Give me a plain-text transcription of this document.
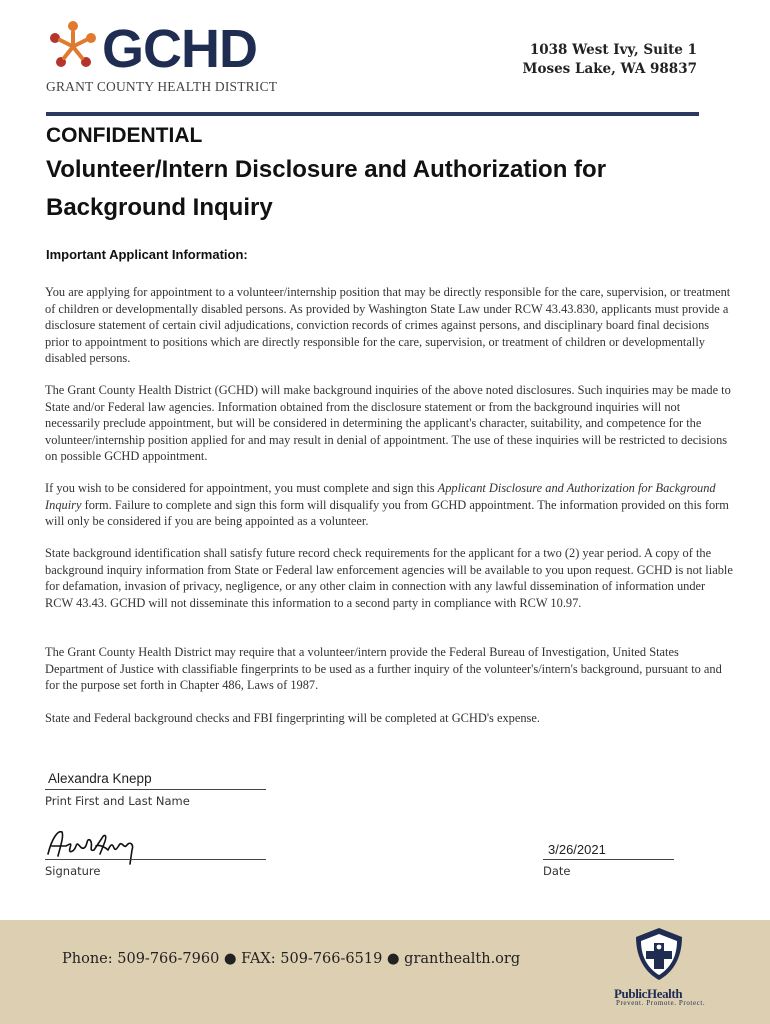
GCHD
GRANT COUNTY HEALTH DISTRICT
1038 West Ivy, Suite 1
Moses Lake, WA 98837
CONFIDENTIAL
Volunteer/Intern Disclosure and Authorization for
Background Inquiry
Important Applicant Information:
You are applying for appointment to a volunteer/internship position that may be directly responsible for the care, supervision, or treatment of children or developmentally disabled persons. As provided by Washington State Law under RCW 43.43.830, applicants must provide a disclosure statement of certain civil adjudications, conviction records of crimes against persons, and disciplinary board final decisions prior to appointment to positions which are directly responsible for the care, supervision, or treatment of children or developmentally disabled persons.
The Grant County Health District (GCHD) will make background inquiries of the above noted disclosures. Such inquiries may be made to State and/or Federal law agencies. Information obtained from the disclosure statement or from the background inquiries will not necessarily preclude appointment, but will be considered in determining the applicant's character, suitability, and competence for the volunteer/internship position applied for and may result in denial of appointment. The use of these inquiries will be restricted to decisions on possible GCHD appointment.
If you wish to be considered for appointment, you must complete and sign this Applicant Disclosure and Authorization for Background Inquiry form. Failure to complete and sign this form will disqualify you from GCHD appointment. The information provided on this form will only be considered if you are being appointed as a volunteer.
State background identification shall satisfy future record check requirements for the applicant for a two (2) year period. A copy of the background inquiry information from State or Federal law enforcement agencies will be available to you upon request. GCHD is not liable for defamation, invasion of privacy, negligence, or any other claim in connection with any lawful dissemination of information under RCW 43.43. GCHD will not disseminate this information to a second party in compliance with RCW 10.97.
The Grant County Health District may require that a volunteer/intern provide the Federal Bureau of Investigation, United States Department of Justice with classifiable fingerprints to be used as a further inquiry of the volunteer's/intern's background, pursuant to and for the purpose set forth in Chapter 486, Laws of 1987.
State and Federal background checks and FBI fingerprinting will be completed at GCHD's expense.
Alexandra Knepp
Print First and Last Name
Signature
3/26/2021
Date
Phone: 509-766-7960 ● FAX: 509-766-6519 ● granthealth.org
PublicHealth
Prevent. Promote. Protect.
